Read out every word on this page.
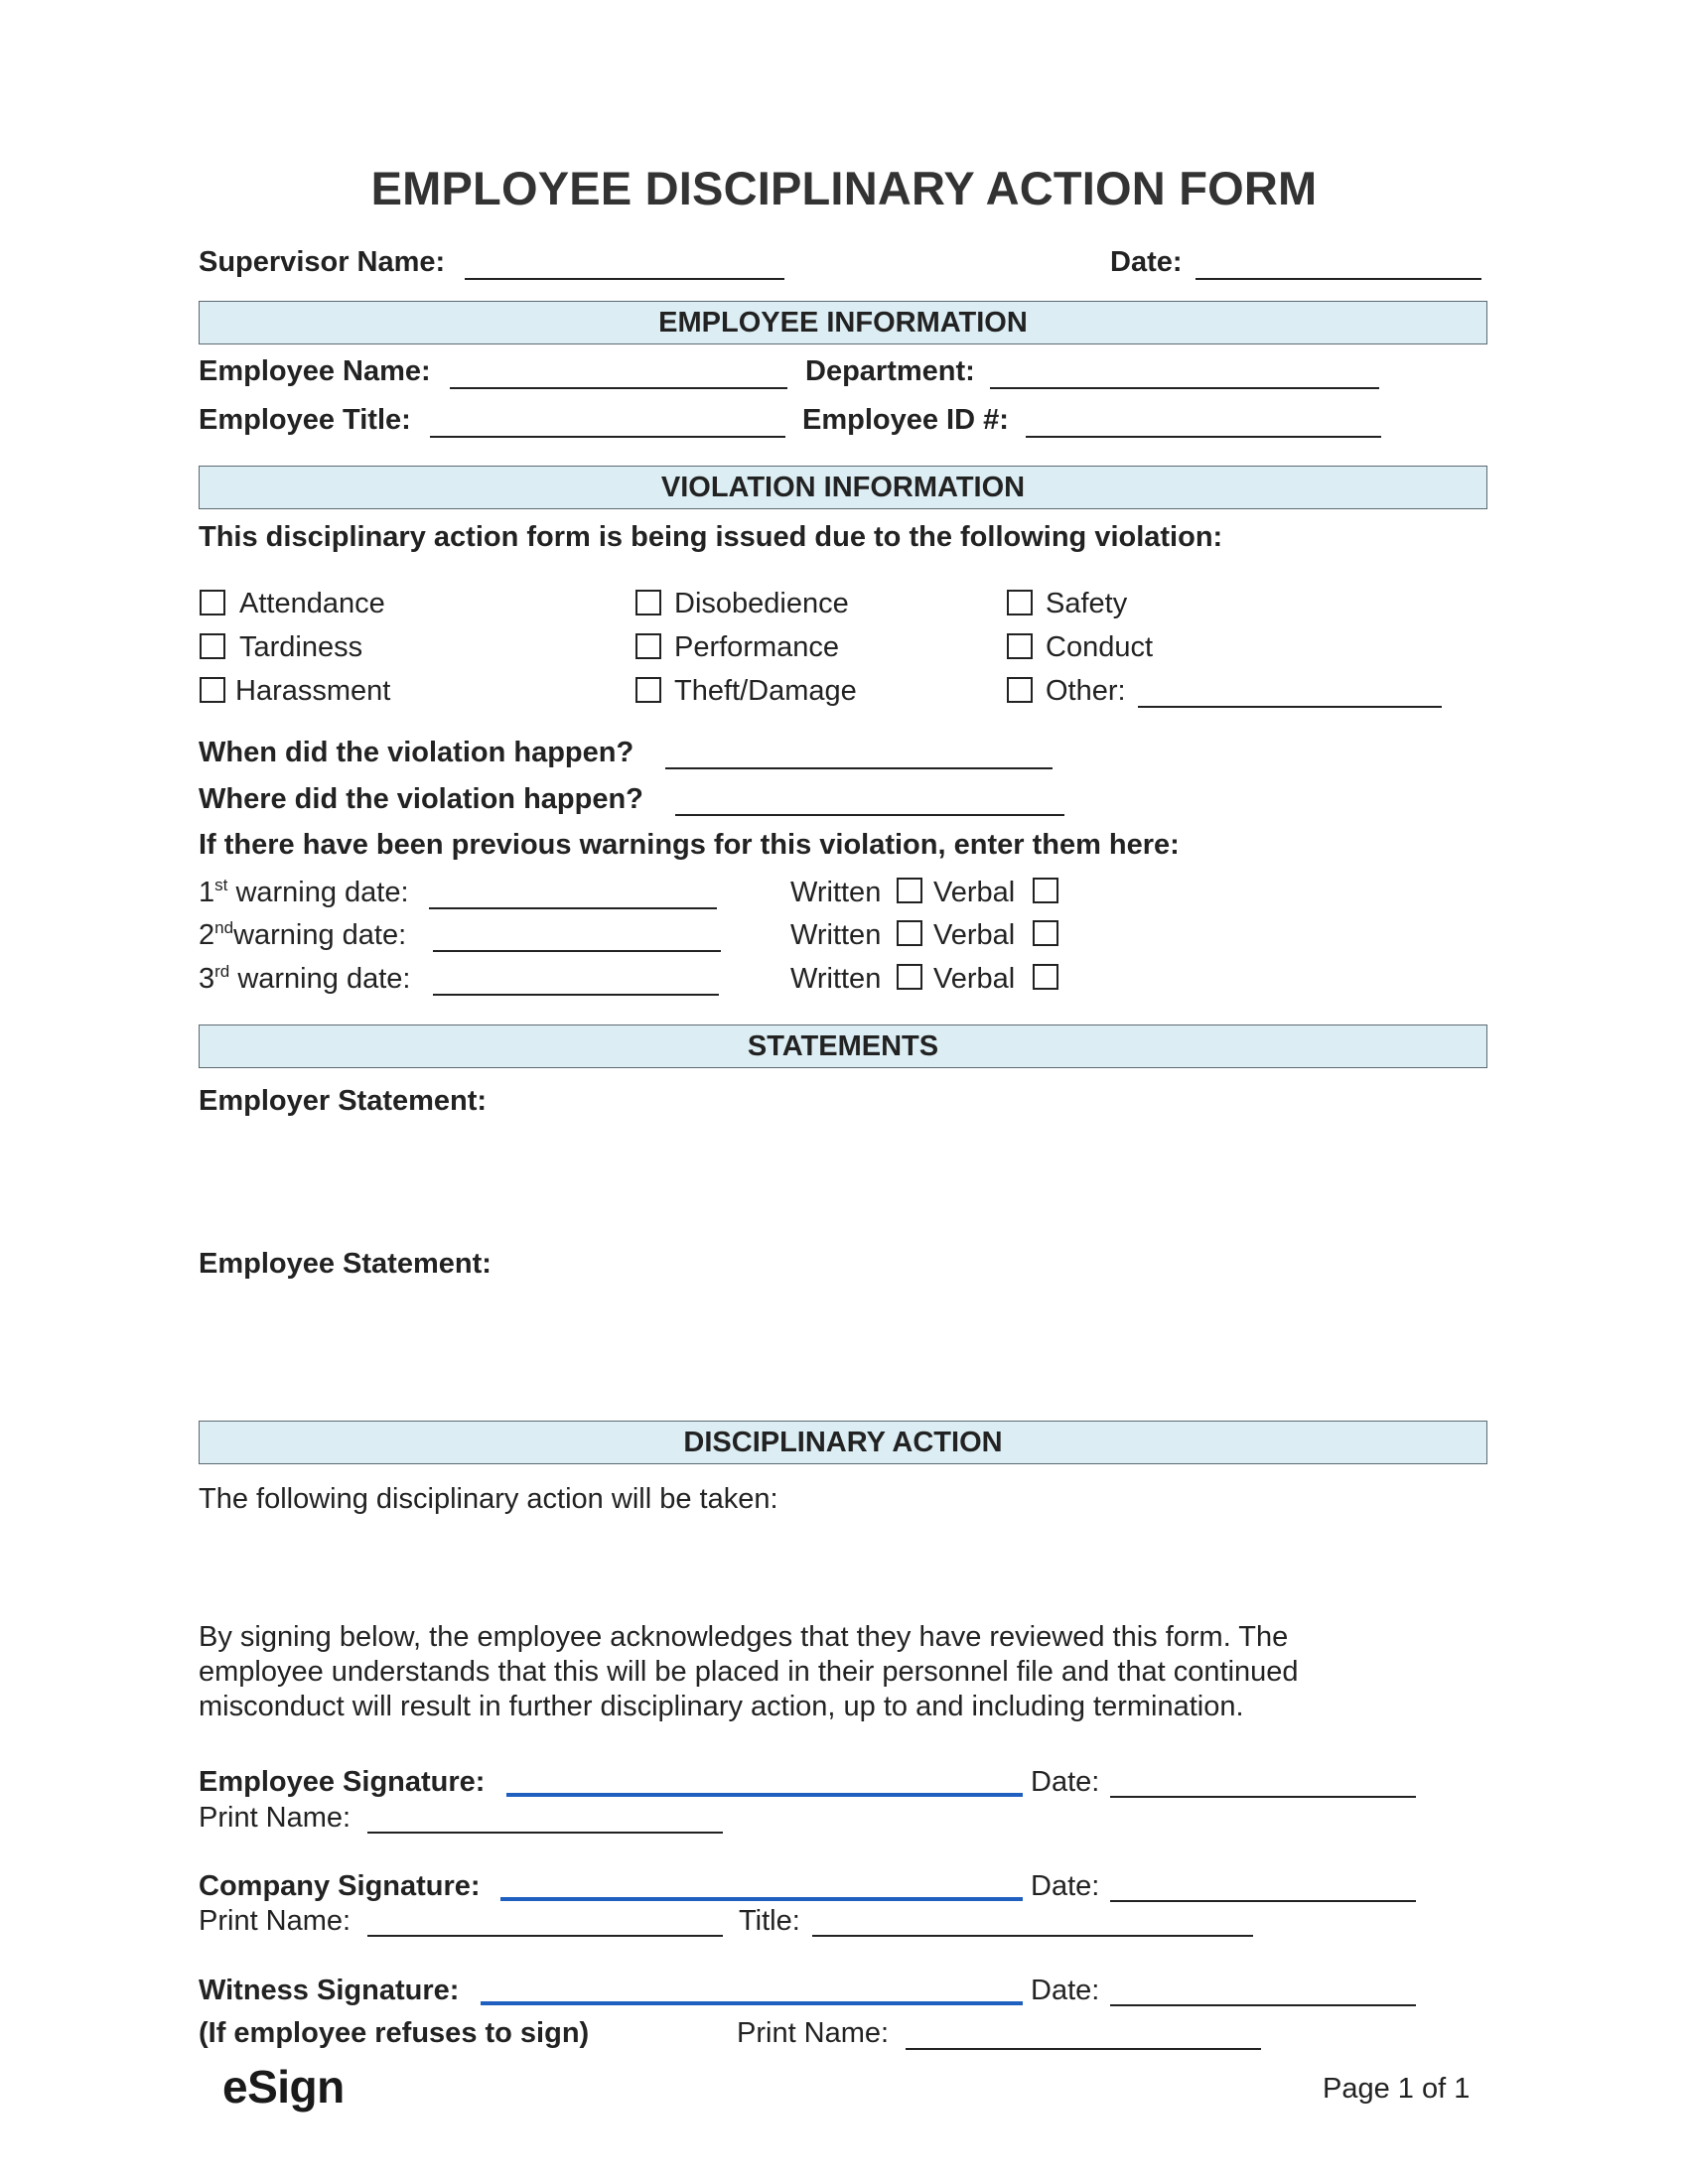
EMPLOYEE DISCIPLINARY ACTION FORM
Supervisor Name:	Date:
EMPLOYEE INFORMATION
Employee Name:	Department:
Employee Title:	Employee ID #:
VIOLATION INFORMATION
This disciplinary action form is being issued due to the following violation:
Attendance
Tardiness
Harassment
Disobedience
Performance
Theft/Damage
Safety
Conduct
Other:
When did the violation happen?
Where did the violation happen?
If there have been previous warnings for this violation, enter them here:
1st warning date:	Written Verbal
2ndwarning date:	Written Verbal
3rd warning date:	Written Verbal
STATEMENTS
Employer Statement:
Employee Statement:
DISCIPLINARY ACTION
The following disciplinary action will be taken:
By signing below, the employee acknowledges that they have reviewed this form. The employee understands that this will be placed in their personnel file and that continued misconduct will result in further disciplinary action, up to and including termination.
Employee Signature:	Date:
Print Name:
Company Signature:	Date:
Print Name:	Title:
Witness Signature:	Date:
(If employee refuses to sign)	Print Name:
eSign	Page 1 of 1
